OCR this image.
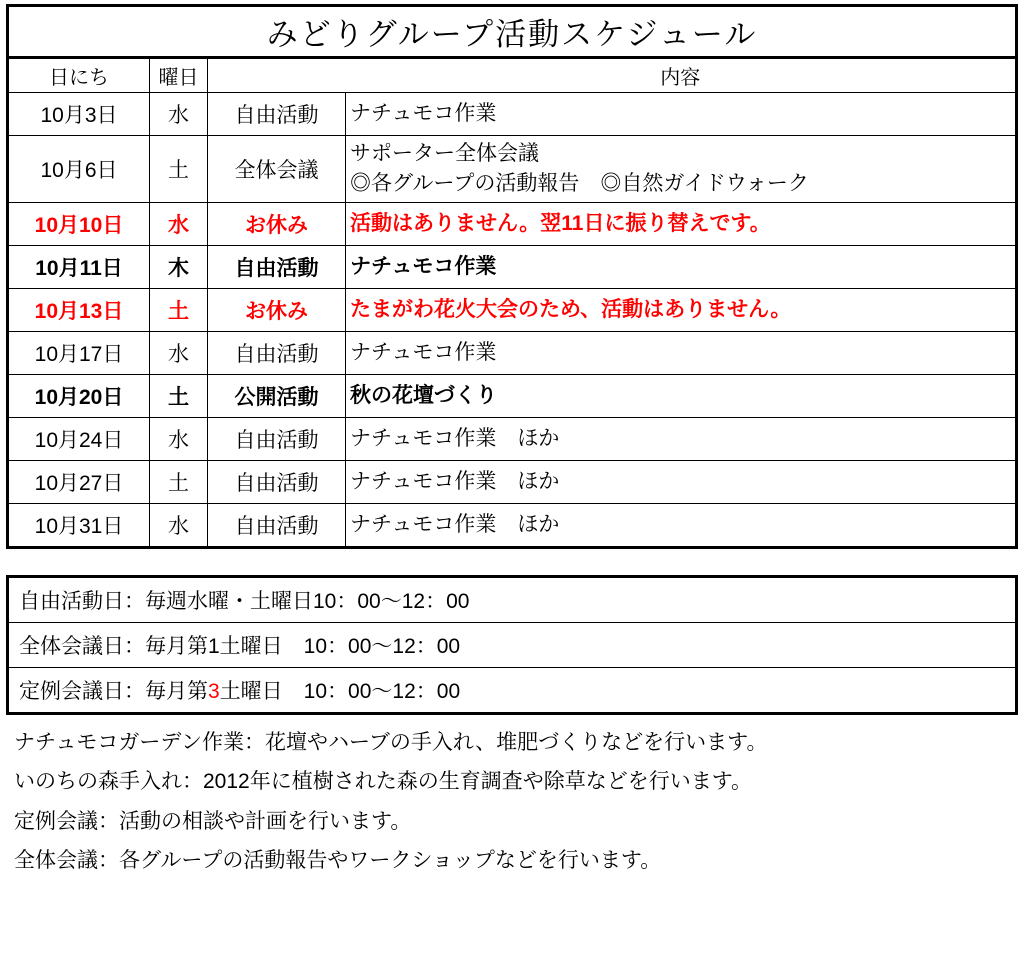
みどりグループ活動スケジュール			
日にち	曜日		内容
10月3日	水	自由活動	ナチュモコ作業
10月6日	土	全体会議	サポーター全体会議
◎各グループの活動報告　◎自然ガイドウォーク
10月10日	水	お休み	活動はありません。翌11日に振り替えです。
10月11日	木	自由活動	ナチュモコ作業
10月13日	土	お休み	たまがわ花火大会のため、活動はありません。
10月17日	水	自由活動	ナチュモコ作業
10月20日	土	公開活動	秋の花壇づくり
10月24日	水	自由活動	ナチュモコ作業　ほか
10月27日	土	自由活動	ナチュモコ作業　ほか
10月31日	水	自由活動	ナチュモコ作業　ほか
自由活動日：毎週水曜・土曜日10：00～12：00
全体会議日：毎月第1土曜日　10：00～12：00
定例会議日：毎月第3土曜日　10：00～12：00

ナチュモコガーデン作業：花壇やハーブの手入れ、堆肥づくりなどを行います。

いのちの森手入れ：2012年に植樹された森の生育調査や除草などを行います。

定例会議：活動の相談や計画を行います。

全体会議：各グループの活動報告やワークショップなどを行います。
